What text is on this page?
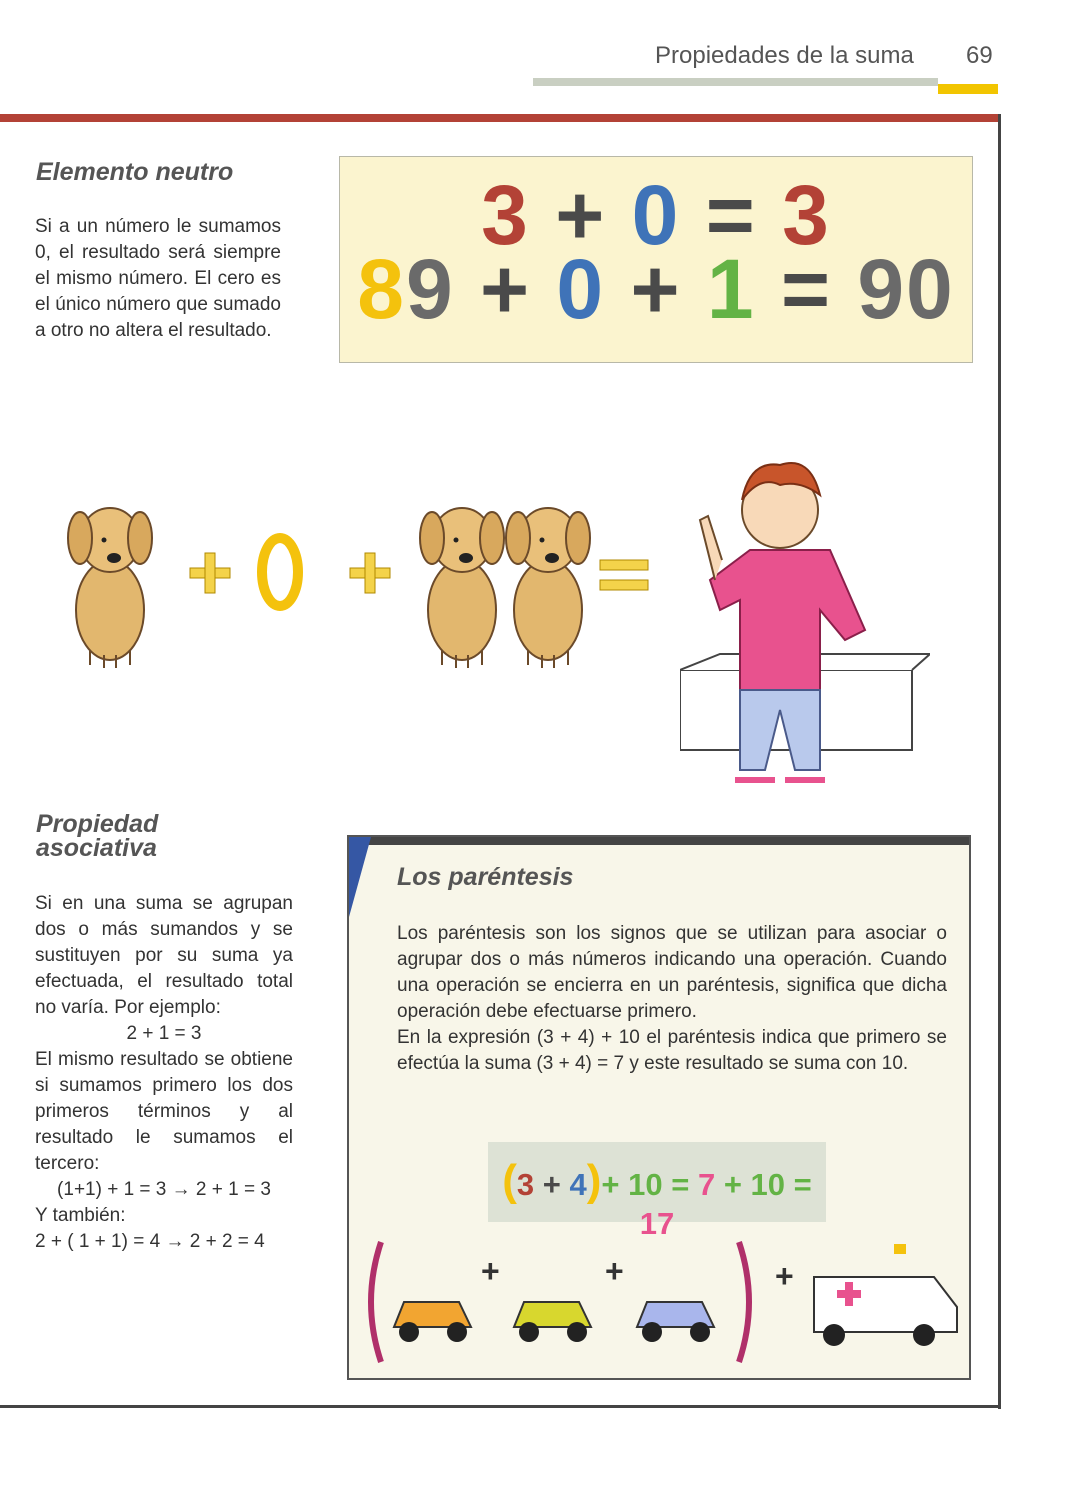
Propiedades de la suma 69
Elemento neutro
Si a un número le sumamos 0, el resultado será siempre el mismo número. El cero es el único número que sumado a otro no altera el resultado.
3 + 0 = 3
89 + 0 + 1 = 90
Propiedad
asociativa
Si en una suma se agrupan dos o más sumandos y se sustituyen por su suma ya efectuada, el resultado total no varía. Por ejemplo:
2 + 1 = 3
El mismo resultado se obtiene si sumamos primero los dos primeros términos y al resultado le sumamos el tercero:
(1+1) + 1 = 3 → 2 + 1 = 3
Y también:
2 + ( 1 + 1) = 4 → 2 + 2 = 4
Los paréntesis
Los paréntesis son los signos que se utilizan para asociar o agrupar dos o más números indicando una operación. Cuando una operación se encierra en un paréntesis, significa que dicha operación debe efectuarse primero.
En la expresión (3 + 4) + 10 el paréntesis indica que primero se efectúa la suma (3 + 4) = 7 y este resultado se suma con 10.
(3 + 4)+ 10 = 7 + 10 = 17
+	+	+
